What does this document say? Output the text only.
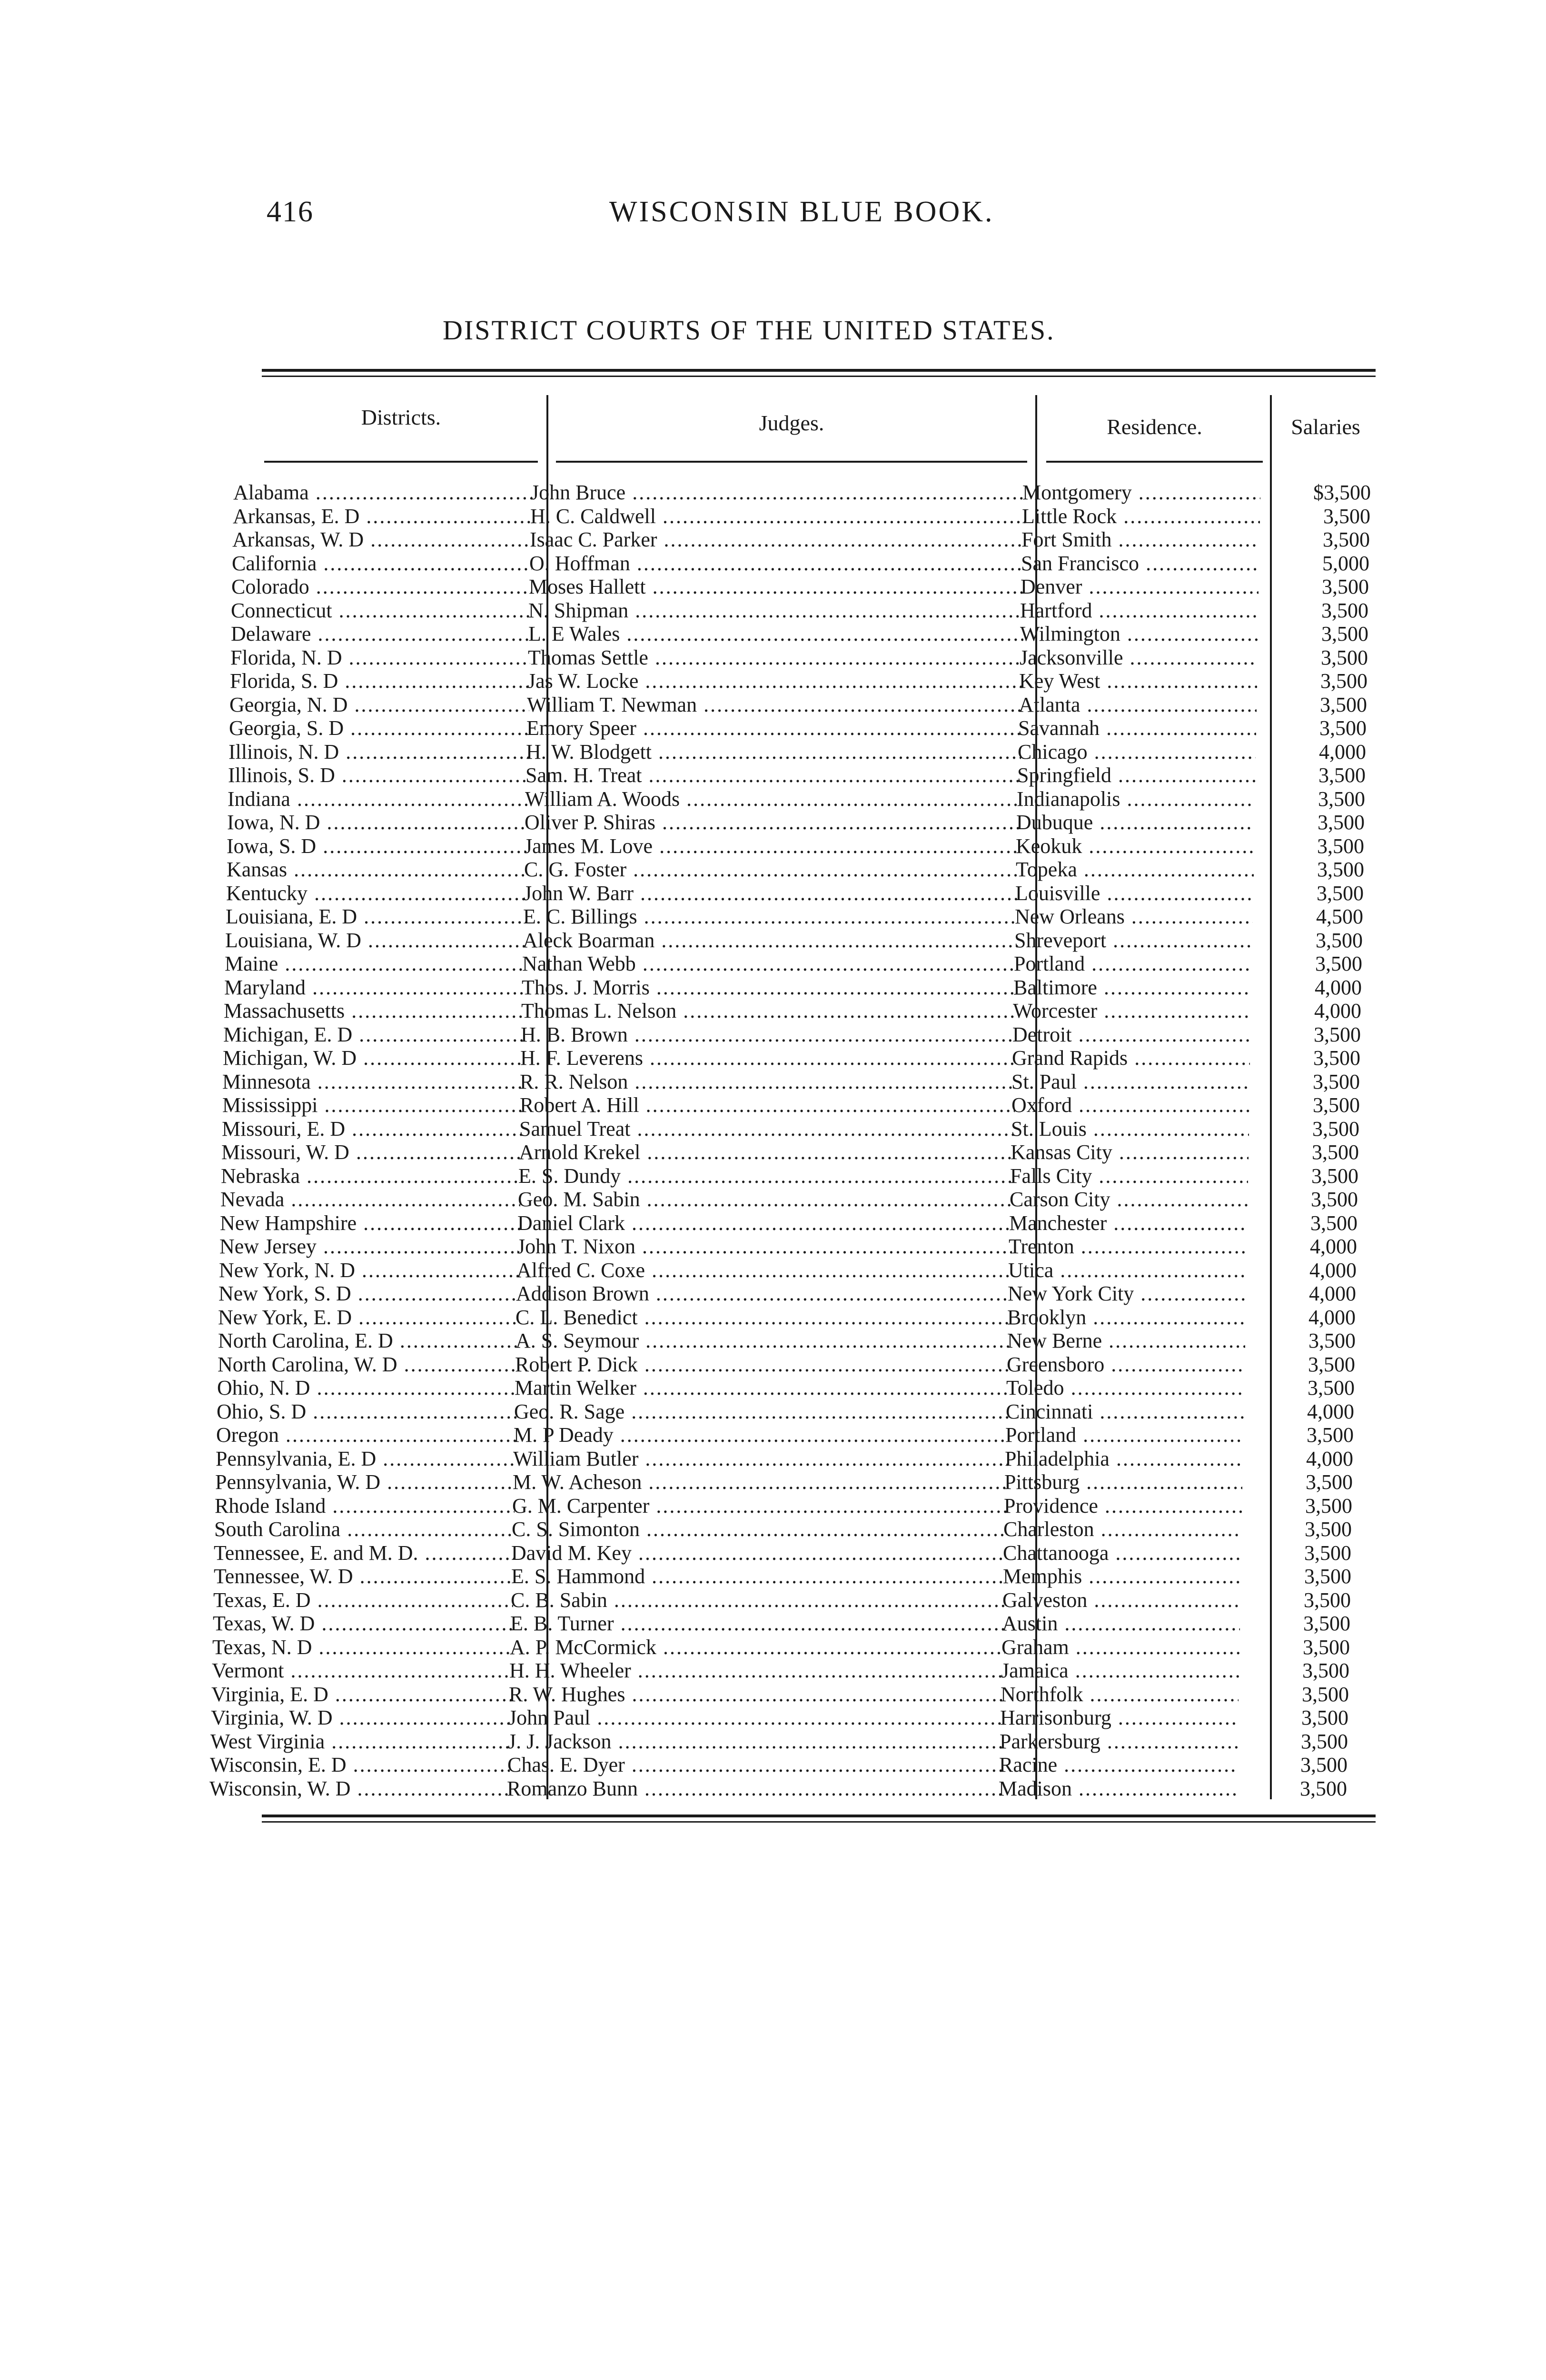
416	WISCONSIN BLUE BOOK.
DISTRICT COURTS OF THE UNITED STATES.
Districts.	Judges.	Residence.	Salaries
Alabama .....	John Bruce .....	Montgomery .....	$3,500
Arkansas, E. D .....	H. C. Caldwell .....	Little Rock .....	3,500
Arkansas, W. D .....	Isaac C. Parker .....	Fort Smith .....	3,500
California .....	O. Hoffman .....	San Francisco .....	5,000
Colorado .....	Moses Hallett .....	Denver .....	3,500
Connecticut .....	N. Shipman .....	Hartford .....	3,500
Delaware .....	L. E Wales .....	Wilmington .....	3,500
Florida, N. D .....	Thomas Settle .....	Jacksonville .....	3,500
Florida, S. D .....	Jas W. Locke .....	Key West .....	3,500
Georgia, N. D .....	William T. Newman .....	Atlanta .....	3,500
Georgia, S. D .....	Emory Speer .....	Savannah .....	3,500
Illinois, N. D .....	H. W. Blodgett .....	Chicago .....	4,000
Illinois, S. D .....	Sam. H. Treat .....	Springfield .....	3,500
Indiana .....	William A. Woods .....	Indianapolis .....	3,500
Iowa, N. D .....	Oliver P. Shiras .....	Dubuque .....	3,500
Iowa, S. D .....	James M. Love .....	Keokuk .....	3,500
Kansas .....	C. G. Foster .....	Topeka .....	3,500
Kentucky .....	John W. Barr .....	Louisville .....	3,500
Louisiana, E. D .....	E. C. Billings .....	New Orleans .....	4,500
Louisiana, W. D .....	Aleck Boarman .....	Shreveport .....	3,500
Maine .....	Nathan Webb .....	Portland .....	3,500
Maryland .....	Thos. J. Morris .....	Baltimore .....	4,000
Massachusetts .....	Thomas L. Nelson .....	Worcester .....	4,000
Michigan, E. D .....	H. B. Brown .....	Detroit .....	3,500
Michigan, W. D .....	H. F. Leverens .....	Grand Rapids .....	3,500
Minnesota .....	R. R. Nelson .....	St. Paul .....	3,500
Mississippi .....	Robert A. Hill .....	Oxford .....	3,500
Missouri, E. D .....	Samuel Treat .....	St. Louis .....	3,500
Missouri, W. D .....	Arnold Krekel .....	Kansas City .....	3,500
Nebraska .....	E. S. Dundy .....	Falls City .....	3,500
Nevada .....	Geo. M. Sabin .....	Carson City .....	3,500
New Hampshire .....	Daniel Clark .....	Manchester .....	3,500
New Jersey .....	John T. Nixon .....	Trenton .....	4,000
New York, N. D .....	Alfred C. Coxe .....	Utica .....	4,000
New York, S. D .....	Addison Brown .....	New York City .....	4,000
New York, E. D .....	C. L. Benedict .....	Brooklyn .....	4,000
North Carolina, E. D .....	A. S. Seymour .....	New Berne .....	3,500
North Carolina, W. D .....	Robert P. Dick .....	Greensboro .....	3,500
Ohio, N. D .....	Martin Welker .....	Toledo .....	3,500
Ohio, S. D .....	Geo. R. Sage .....	Cincinnati .....	4,000
Oregon .....	M. P Deady .....	Portland .....	3,500
Pennsylvania, E. D .....	William Butler .....	Philadelphia .....	4,000
Pennsylvania, W. D .....	M. W. Acheson .....	Pittsburg .....	3,500
Rhode Island .....	G. M. Carpenter .....	Providence .....	3,500
South Carolina .....	C. S. Simonton .....	Charleston .....	3,500
Tennessee, E. and M. D. .....	David M. Key .....	Chattanooga .....	3,500
Tennessee, W. D .....	E. S. Hammond .....	Memphis .....	3,500
Texas, E. D .....	C. B. Sabin .....	Galveston .....	3,500
Texas, W. D .....	E. B. Turner .....	Austin .....	3,500
Texas, N. D .....	A. P. McCormick .....	Graham .....	3,500
Vermont .....	H. H. Wheeler .....	Jamaica .....	3,500
Virginia, E. D .....	R. W. Hughes .....	Northfolk .....	3,500
Virginia, W. D .....	John Paul .....	Harrisonburg .....	3,500
West Virginia .....	J. J. Jackson .....	Parkersburg .....	3,500
Wisconsin, E. D .....	Chas. E. Dyer .....	Racine .....	3,500
Wisconsin, W. D .....	Romanzo Bunn .....	Madison .....	3,500
